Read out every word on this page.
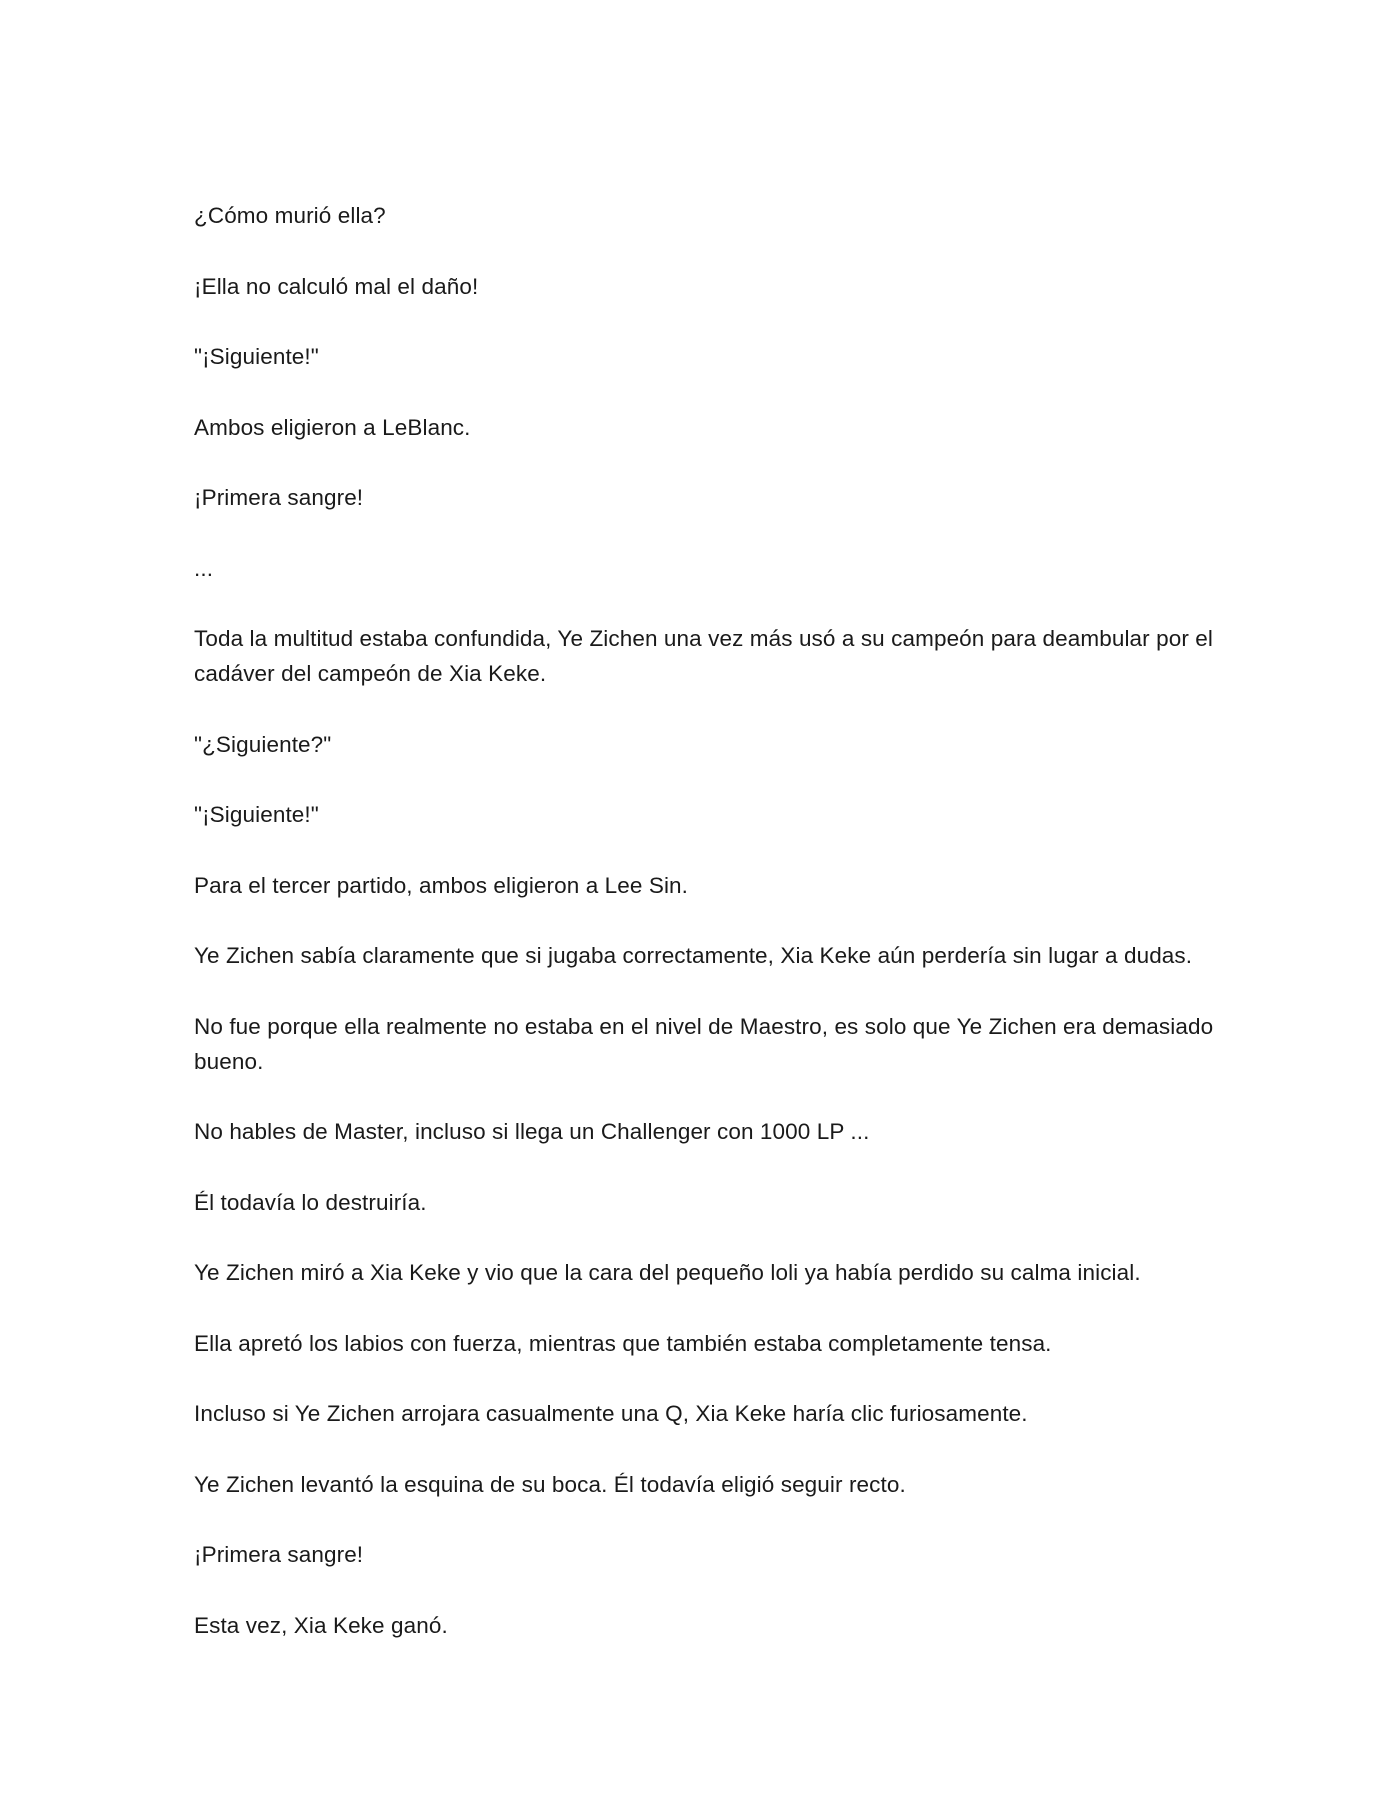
¿Cómo murió ella?

¡Ella no calculó mal el daño!

"¡Siguiente!"

Ambos eligieron a LeBlanc.

¡Primera sangre!

...

Toda la multitud estaba confundida, Ye Zichen una vez más usó a su campeón para deambular por el cadáver del campeón de Xia Keke.

"¿Siguiente?"

"¡Siguiente!"

Para el tercer partido, ambos eligieron a Lee Sin.

Ye Zichen sabía claramente que si jugaba correctamente, Xia Keke aún perdería sin lugar a dudas.

No fue porque ella realmente no estaba en el nivel de Maestro, es solo que Ye Zichen era demasiado bueno.

No hables de Master, incluso si llega un Challenger con 1000 LP ...

Él todavía lo destruiría.

Ye Zichen miró a Xia Keke y vio que la cara del pequeño loli ya había perdido su calma inicial.

Ella apretó los labios con fuerza, mientras que también estaba completamente tensa.

Incluso si Ye Zichen arrojara casualmente una Q, Xia Keke haría clic furiosamente.

Ye Zichen levantó la esquina de su boca. Él todavía eligió seguir recto.

¡Primera sangre!

Esta vez, Xia Keke ganó.
